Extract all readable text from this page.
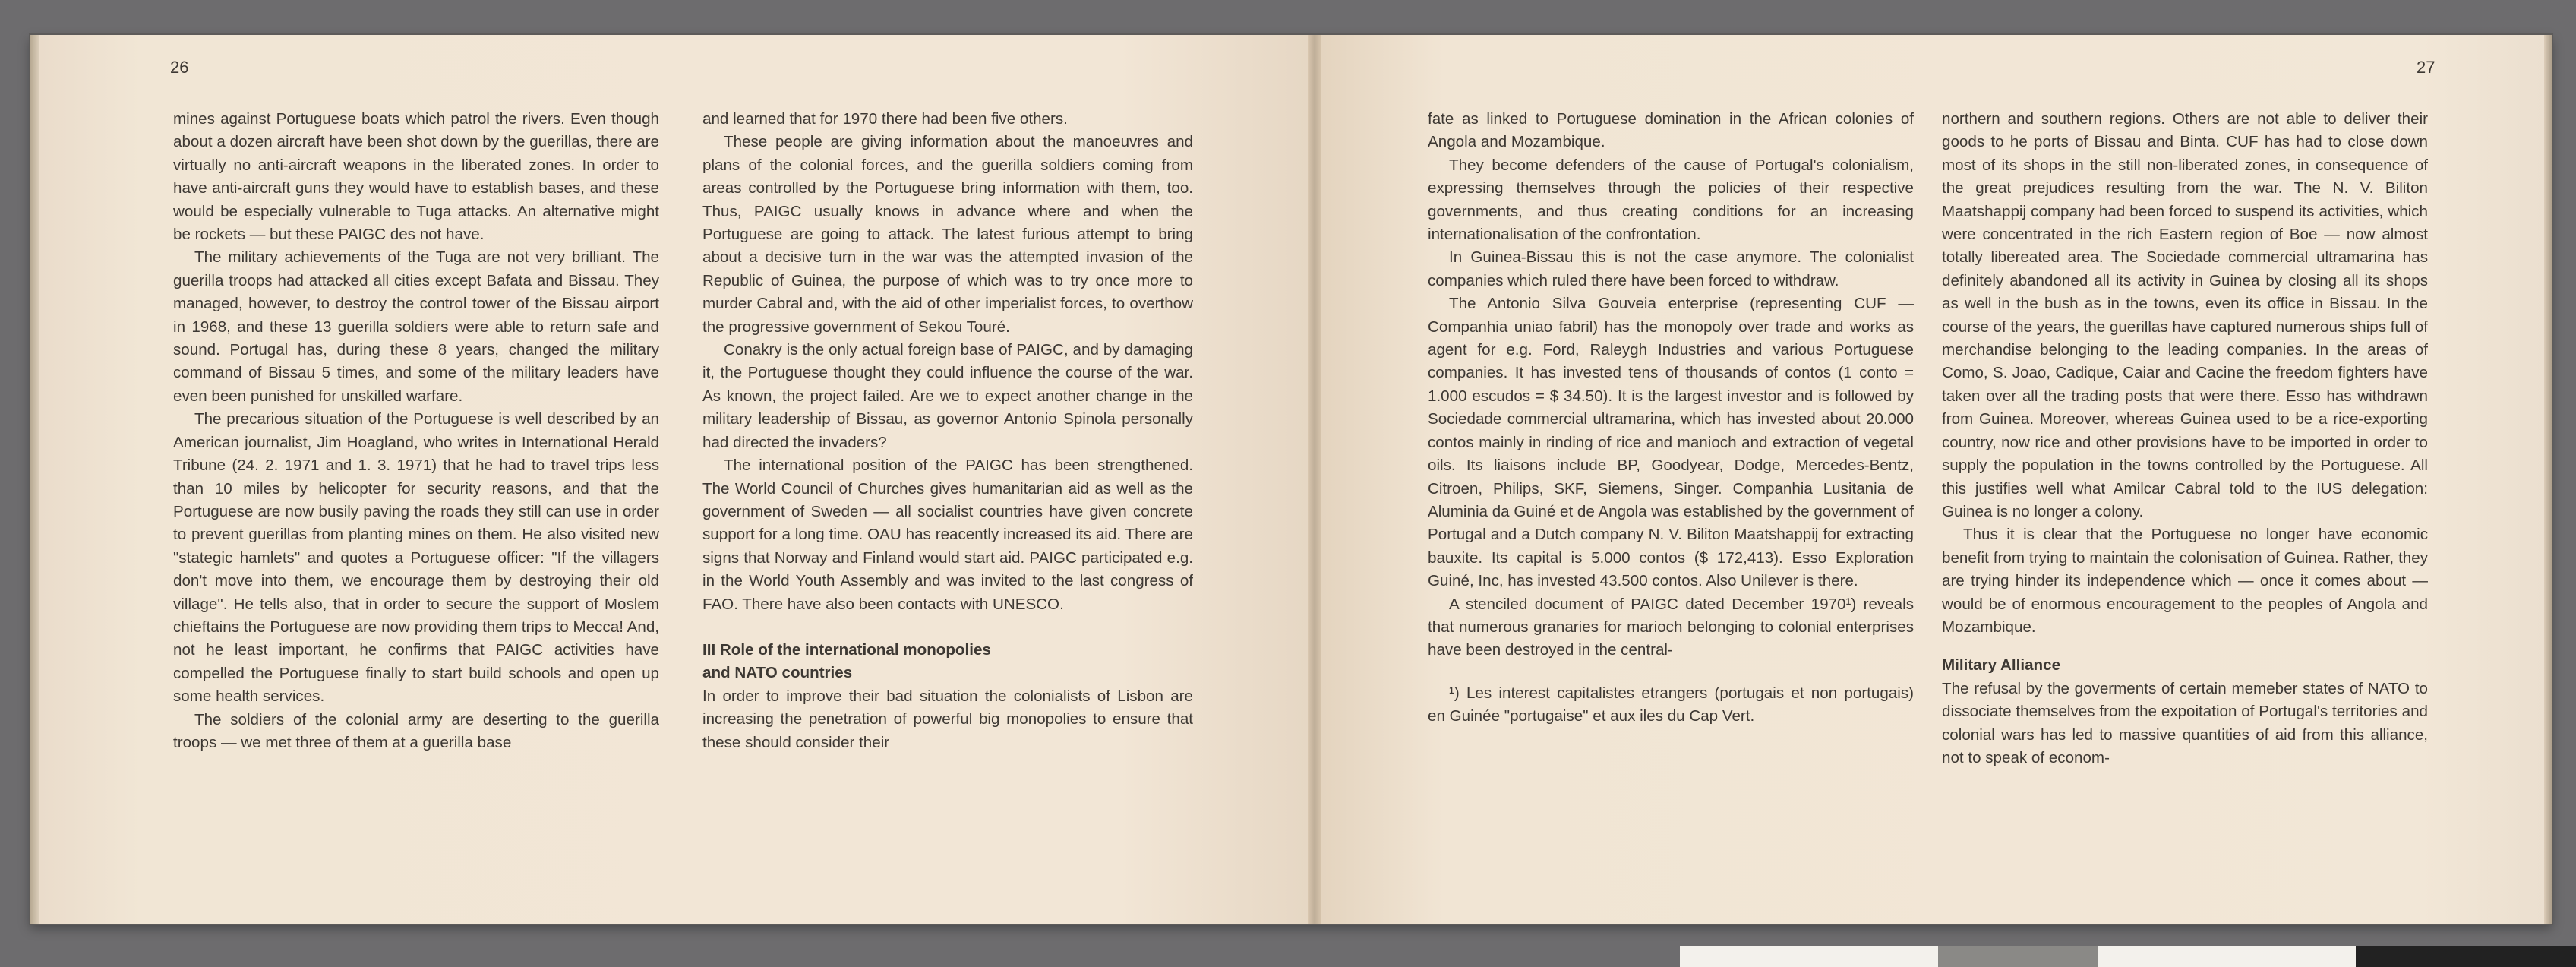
26

mines against Portuguese boats which patrol the rivers. Even though about a dozen aircraft have been shot down by the guerillas, there are virtually no anti-aircraft weapons in the liberated zones. In order to have anti-aircraft guns they would have to establish bases, and these would be especially vulnerable to Tuga attacks. An alternative might be rockets — but these PAIGC des not have.

The military achievements of the Tuga are not very brilliant. The guerilla troops had attacked all cities except Bafata and Bissau. They managed, however, to destroy the control tower of the Bissau airport in 1968, and these 13 guerilla soldiers were able to return safe and sound. Portugal has, during these 8 years, changed the military command of Bissau 5 times, and some of the military leaders have even been punished for unskilled warfare.

The precarious situation of the Portuguese is well described by an American journalist, Jim Hoagland, who writes in International Herald Tribune (24. 2. 1971 and 1. 3. 1971) that he had to travel trips less than 10 miles by helicopter for security reasons, and that the Portuguese are now busily paving the roads they still can use in order to prevent guerillas from planting mines on them. He also visited new "stategic hamlets" and quotes a Portuguese officer: "If the villagers don't move into them, we encourage them by destroying their old village". He tells also, that in order to secure the support of Moslem chieftains the Portuguese are now providing them trips to Mecca! And, not he least important, he confirms that PAIGC activities have compelled the Portuguese finally to start build schools and open up some health services.

The soldiers of the colonial army are deserting to the guerilla troops — we met three of them at a guerilla base

and learned that for 1970 there had been five others.

These people are giving information about the manoeuvres and plans of the colonial forces, and the guerilla soldiers coming from areas controlled by the Portuguese bring information with them, too. Thus, PAIGC usually knows in advance where and when the Portuguese are going to attack. The latest furious attempt to bring about a decisive turn in the war was the attempted invasion of the Republic of Guinea, the purpose of which was to try once more to murder Cabral and, with the aid of other imperialist forces, to overthow the progressive government of Sekou Touré.

Conakry is the only actual foreign base of PAIGC, and by damaging it, the Portuguese thought they could influence the course of the war. As known, the project failed. Are we to expect another change in the military leadership of Bissau, as governor Antonio Spinola personally had directed the invaders?

The international position of the PAIGC has been strengthened. The World Council of Churches gives humanitarian aid as well as the government of Sweden — all socialist countries have given concrete support for a long time. OAU has reacently increased its aid. There are signs that Norway and Finland would start aid. PAIGC participated e.g. in the World Youth Assembly and was invited to the last congress of FAO. There have also been contacts with UNESCO.

III Role of the international monopolies
and NATO countries

In order to improve their bad situation the colonialists of Lisbon are increasing the penetration of powerful big monopolies to ensure that these should consider their

27

fate as linked to Portuguese domination in the African colonies of Angola and Mozambique.

They become defenders of the cause of Portugal's colonialism, expressing themselves through the policies of their respective governments, and thus creating conditions for an increasing internationalisation of the confrontation.

In Guinea-Bissau this is not the case anymore. The colonialist companies which ruled there have been forced to withdraw.

The Antonio Silva Gouveia enterprise (representing CUF — Companhia uniao fabril) has the monopoly over trade and works as agent for e.g. Ford, Raleygh Industries and various Portuguese companies. It has invested tens of thousands of contos (1 conto = 1.000 escudos = $ 34.50). It is the largest investor and is followed by Sociedade commercial ultramarina, which has invested about 20.000 contos mainly in rinding of rice and manioch and extraction of vegetal oils. Its liaisons include BP, Goodyear, Dodge, Mercedes-Bentz, Citroen, Philips, SKF, Siemens, Singer. Companhia Lusitania de Aluminia da Guiné et de Angola was established by the government of Portugal and a Dutch company N. V. Biliton Maatshappij for extracting bauxite. Its capital is 5.000 contos ($ 172,413). Esso Exploration Guiné, Inc, has invested 43.500 contos. Also Unilever is there.

A stenciled document of PAIGC dated December 1970¹) reveals that numerous granaries for marioch belonging to colonial enterprises have been destroyed in the central-

¹) Les interest capitalistes etrangers (portugais et non portugais) en Guinée "portugaise" et aux iles du Cap Vert.

northern and southern regions. Others are not able to deliver their goods to he ports of Bissau and Binta. CUF has had to close down most of its shops in the still non-liberated zones, in consequence of the great prejudices resulting from the war. The N. V. Biliton Maatshappij company had been forced to suspend its activities, which were concentrated in the rich Eastern region of Boe — now almost totally libereated area. The Sociedade commercial ultramarina has definitely abandoned all its activity in Guinea by closing all its shops as well in the bush as in the towns, even its office in Bissau. In the course of the years, the guerillas have captured numerous ships full of merchandise belonging to the leading companies. In the areas of Como, S. Joao, Cadique, Caiar and Cacine the freedom fighters have taken over all the trading posts that were there. Esso has withdrawn from Guinea. Moreover, whereas Guinea used to be a rice-exporting country, now rice and other provisions have to be imported in order to supply the population in the towns controlled by the Portuguese. All this justifies well what Amilcar Cabral told to the IUS delegation: Guinea is no longer a colony.

Thus it is clear that the Portuguese no longer have economic benefit from trying to maintain the colonisation of Guinea. Rather, they are trying hinder its independence which — once it comes about — would be of enormous encouragement to the peoples of Angola and Mozambique.

Military Alliance

The refusal by the goverments of certain memeber states of NATO to dissociate themselves from the expoitation of Portugal's territories and colonial wars has led to massive quantities of aid from this alliance, not to speak of econom-
